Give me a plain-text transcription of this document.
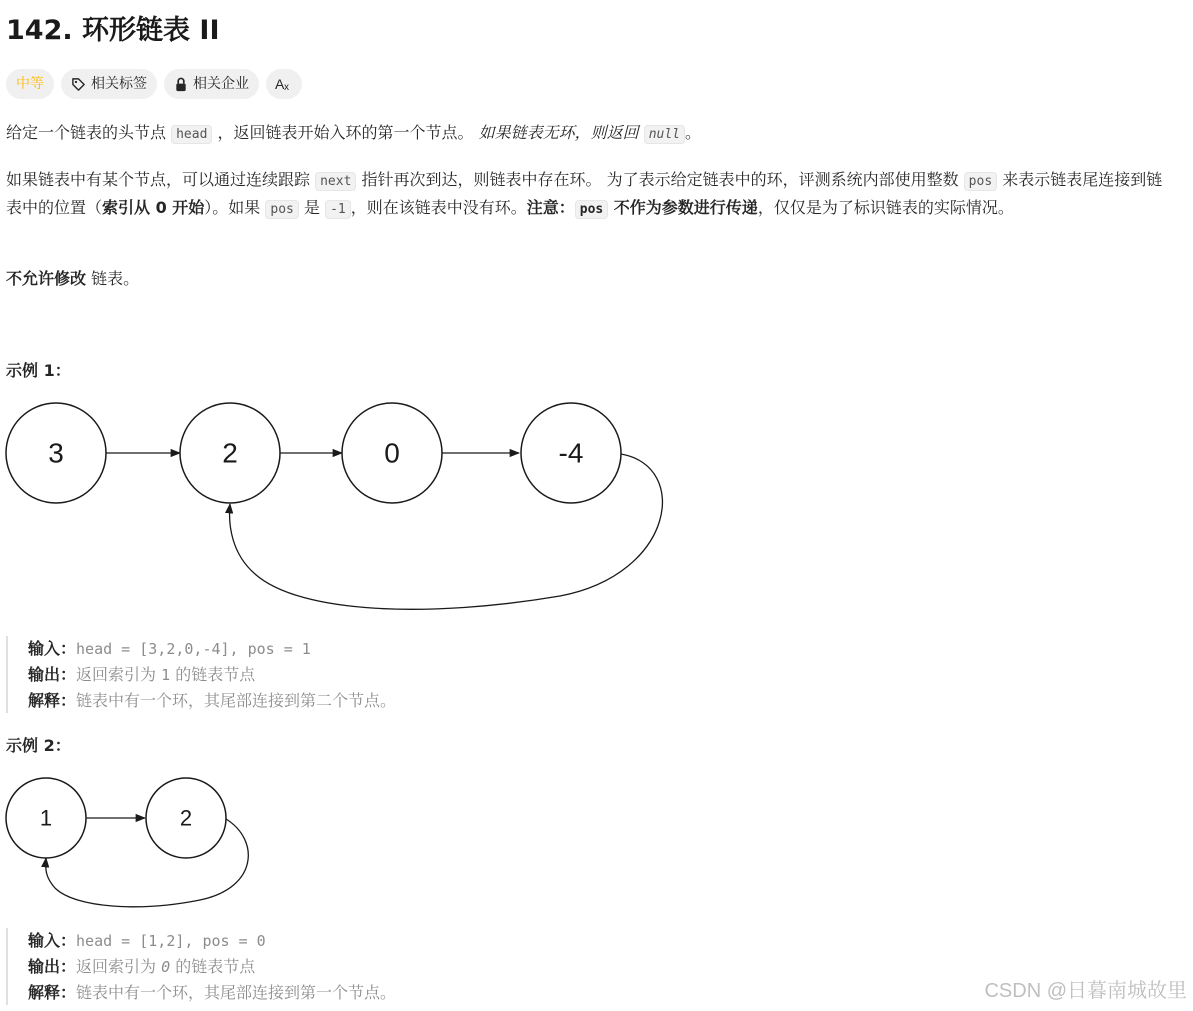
142. 环形链表 II
中等	相关标签	相关企业 A x

给定一个链表的头节点 head ，返回链表开始入环的第一个节点。 如果链表无环，则返回 null 。

如果链表中有某个节点，可以通过连续跟踪 next 指针再次到达，则链表中存在环。 为了表示给定链表中的环，评测系统内部使用整数 pos 来表示链表尾连接到链表中的位置（索引从 0 开始）。如果 pos 是 -1 ，则在该链表中没有环。注意： pos 不作为参数进行传递，仅仅是为了标识链表的实际情况。

不允许修改 链表。

示例 1：
3	2	0	-4
输入：head = [3,2,0,-4], pos = 1
输出：返回索引为 1 的链表节点
解释：链表中有一个环，其尾部连接到第二个节点。
示例 2：
1	2
输入：head = [1,2], pos = 0
输出：返回索引为 0 的链表节点
解释：链表中有一个环，其尾部连接到第一个节点。	CSDN @日暮南城故里
